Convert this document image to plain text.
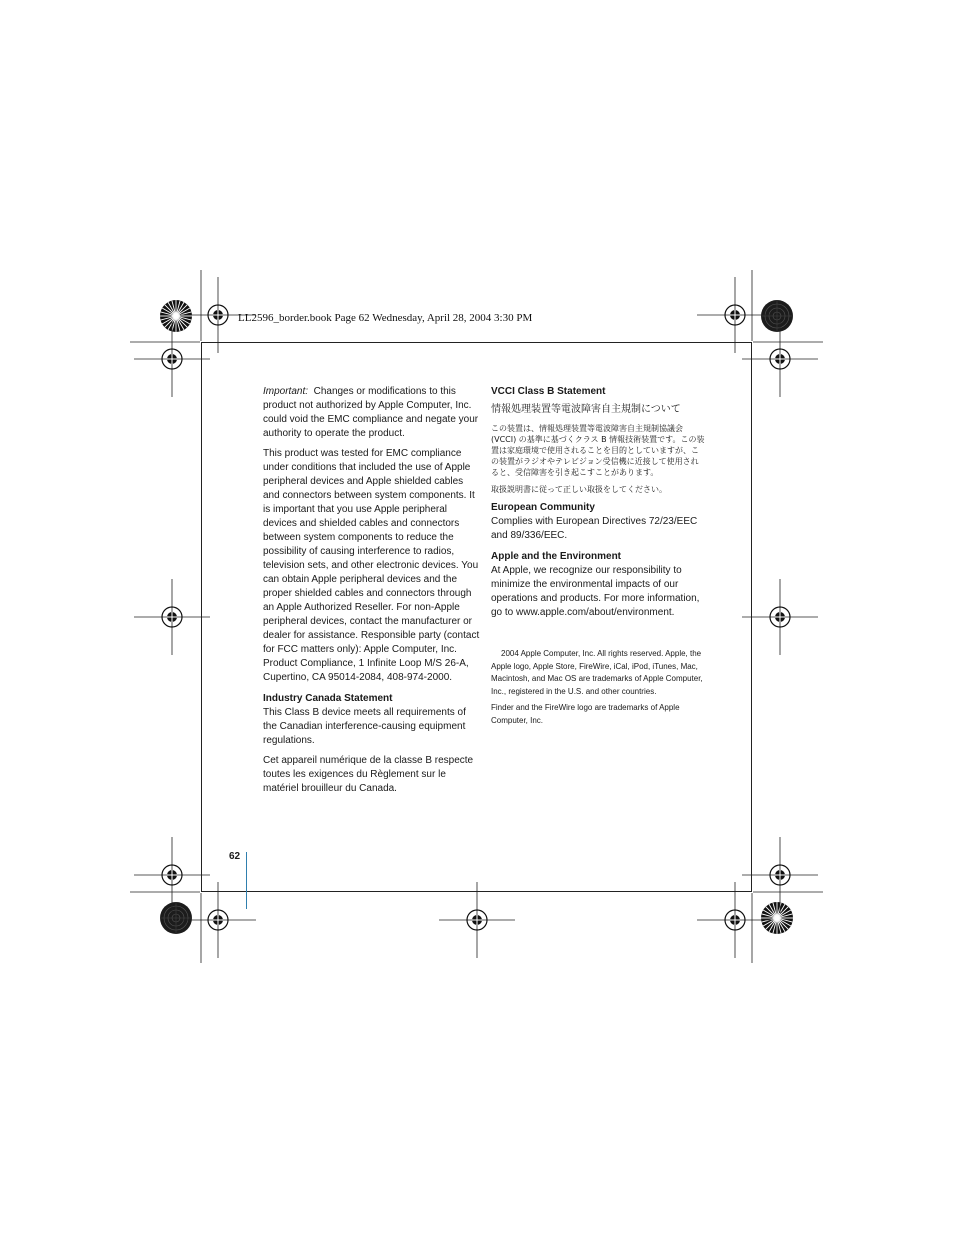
LL2596_border.book Page 62 Wednesday, April 28, 2004 3:30 PM

Important: Changes or modifications to this product not authorized by Apple Computer, Inc. could void the EMC compliance and negate your authority to operate the product.

This product was tested for EMC compliance under conditions that included the use of Apple peripheral devices and Apple shielded cables and connectors between system components. It is important that you use Apple peripheral devices and shielded cables and connectors between system components to reduce the possibility of causing interference to radios, television sets, and other electronic devices. You can obtain Apple peripheral devices and the proper shielded cables and connectors through an Apple Authorized Reseller. For non-Apple peripheral devices, contact the manufacturer or dealer for assistance. Responsible party (contact for FCC matters only): Apple Computer, Inc. Product Compliance, 1 Infinite Loop M/S 26-A, Cupertino, CA 95014-2084, 408-974-2000.

Industry Canada Statement

This Class B device meets all requirements of the Canadian interference-causing equipment regulations.

Cet appareil numérique de la classe B respecte toutes les exigences du Règlement sur le matériel brouilleur du Canada.

VCCI Class B Statement
情報処理装置等電波障害自主規制について

この装置は、情報処理装置等電波障害自主規制協議会 (VCCI) の基準に基づくクラス B 情報技術装置です。この装置は家庭環境で使用されることを目的としていますが、この装置がラジオやテレビジョン受信機に近接して使用されると、受信障害を引き起こすことがあります。

取扱説明書に従って正しい取扱をしてください。

European Community

Complies with European Directives 72/23/EEC and 89/336/EEC.

Apple and the Environment

At Apple, we recognize our responsibility to minimize the environmental impacts of our operations and products. For more information, go to www.apple.com/about/environment.

2004 Apple Computer, Inc. All rights reserved. Apple, the Apple logo, Apple Store, FireWire, iCal, iPod, iTunes, Mac, Macintosh, and Mac OS are trademarks of Apple Computer, Inc., registered in the U.S. and other countries.

Finder and the FireWire logo are trademarks of Apple Computer, Inc.

62
